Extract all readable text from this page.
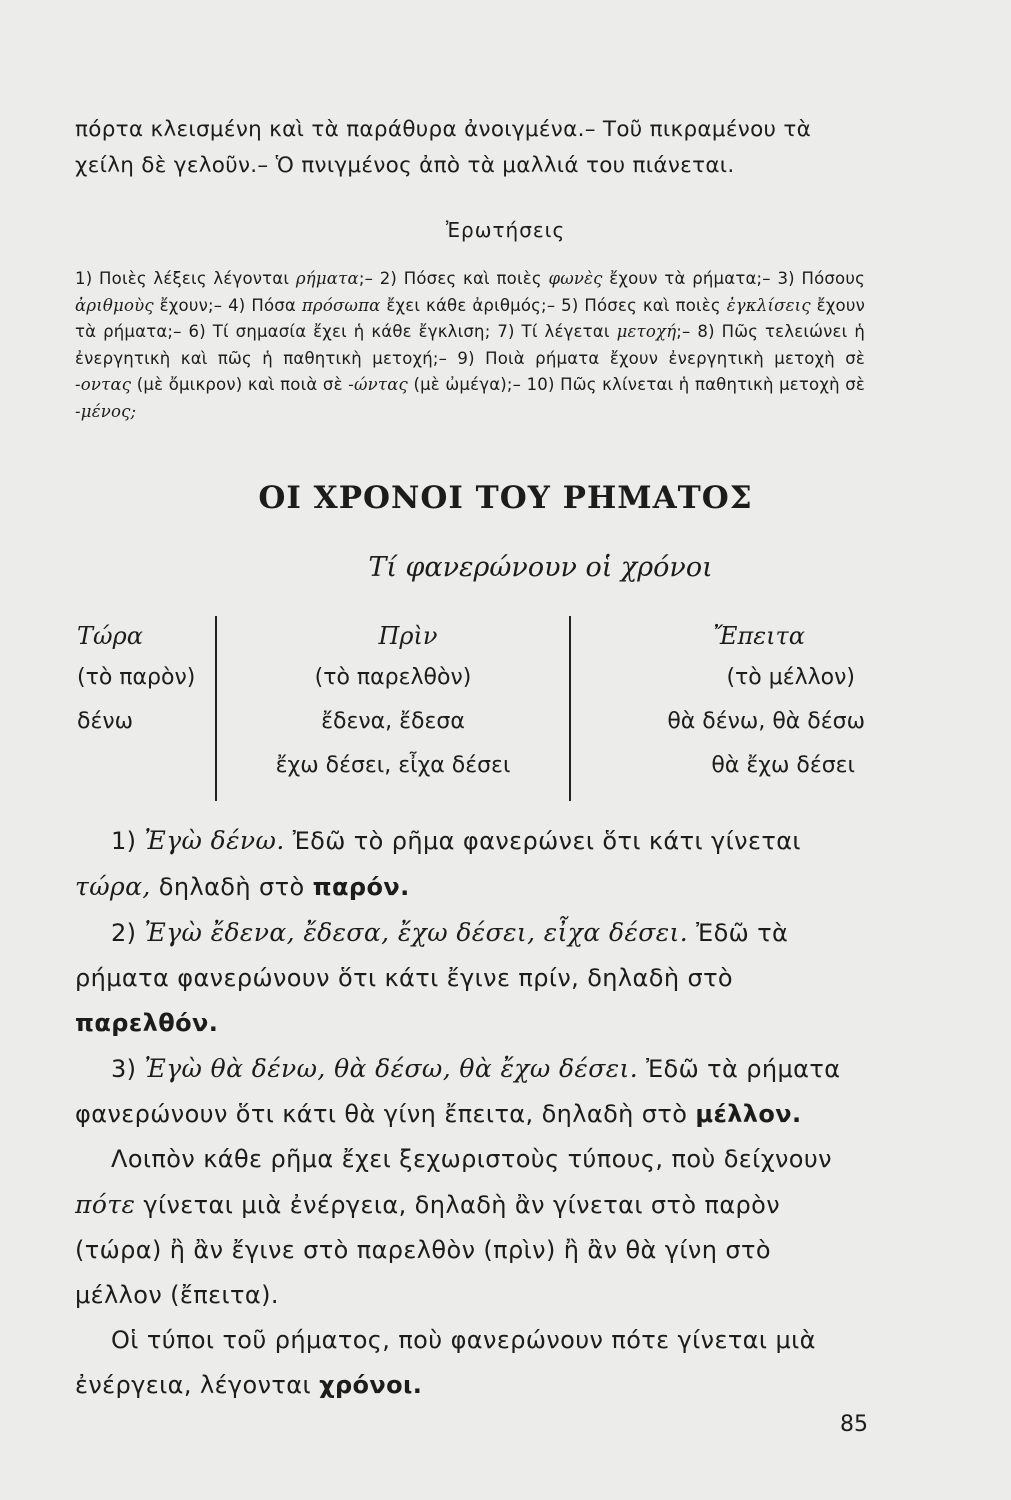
πόρτα κλεισμένη καὶ τὰ παράθυρα ἀνοιγμένα.– Τοῦ πικραμένου τὰ

χείλη δὲ γελοῦν.– Ὁ πνιγμένος ἀπὸ τὰ μαλλιά του πιάνεται.

Ἐρωτήσεις

1) Ποιὲς λέξεις λέγονται ρήματα;– 2) Πόσες καὶ ποιὲς φωνὲς ἔχουν τὰ ρήματα;– 3) Πόσους ἀριθμοὺς ἔχουν;– 4) Πόσα πρόσωπα ἔχει κάθε ἀριθμός;– 5) Πόσες καὶ ποιὲς ἐγκλίσεις ἔχουν τὰ ρήματα;– 6) Τί σημασία ἔχει ἡ κάθε ἔγκλιση; 7) Τί λέγεται μετοχή;– 8) Πῶς τελειώνει ἡ ἐνεργητικὴ καὶ πῶς ἡ παθητικὴ μετοχή;– 9) Ποιὰ ρήματα ἔχουν ἐνεργητικὴ μετοχὴ σὲ -οντας (μὲ ὄμικρον) καὶ ποιὰ σὲ -ώντας (μὲ ὠμέγα);– 10) Πῶς κλίνεται ἡ παθητικὴ μετοχὴ σὲ -μένος;

ΟΙ ΧΡΟΝΟΙ ΤΟΥ ΡΗΜΑΤΟΣ
Τί φανερώνουν οἱ χρόνοι
Τώρα
(τὸ παρὸν)
δένω
Πρὶν
(τὸ παρελθὸν)
ἔδενα, ἔδεσα
ἔχω δέσει, εἶχα δέσει
Ἔπειτα
(τὸ μέλλον)
θὰ δένω, θὰ δέσω
θὰ ἔχω δέσει

1) Ἐγὼ δένω. Ἐδῶ τὸ ρῆμα φανερώνει ὅτι κάτι γίνεται τώρα, δηλαδὴ στὸ παρόν.

2) Ἐγὼ ἔδενα, ἔδεσα, ἔχω δέσει, εἶχα δέσει. Ἐδῶ τὰ ρήματα φανερώνουν ὅτι κάτι ἔγινε πρίν, δηλαδὴ στὸ παρελθόν.

3) Ἐγὼ θὰ δένω, θὰ δέσω, θὰ ἔχω δέσει. Ἐδῶ τὰ ρήματα φανερώνουν ὅτι κάτι θὰ γίνη ἔπειτα, δηλαδὴ στὸ μέλλον.

Λοιπὸν κάθε ρῆμα ἔχει ξεχωριστοὺς τύπους, ποὺ δείχνουν πότε γίνεται μιὰ ἐνέργεια, δηλαδὴ ἂν γίνεται στὸ παρὸν (τώρα) ἢ ἂν ἔγινε στὸ παρελθὸν (πρὶν) ἢ ἂν θὰ γίνη στὸ μέλλον (ἔπειτα).

Οἱ τύποι τοῦ ρήματος, ποὺ φανερώνουν πότε γίνεται μιὰ ἐνέργεια, λέγονται χρόνοι.

85
